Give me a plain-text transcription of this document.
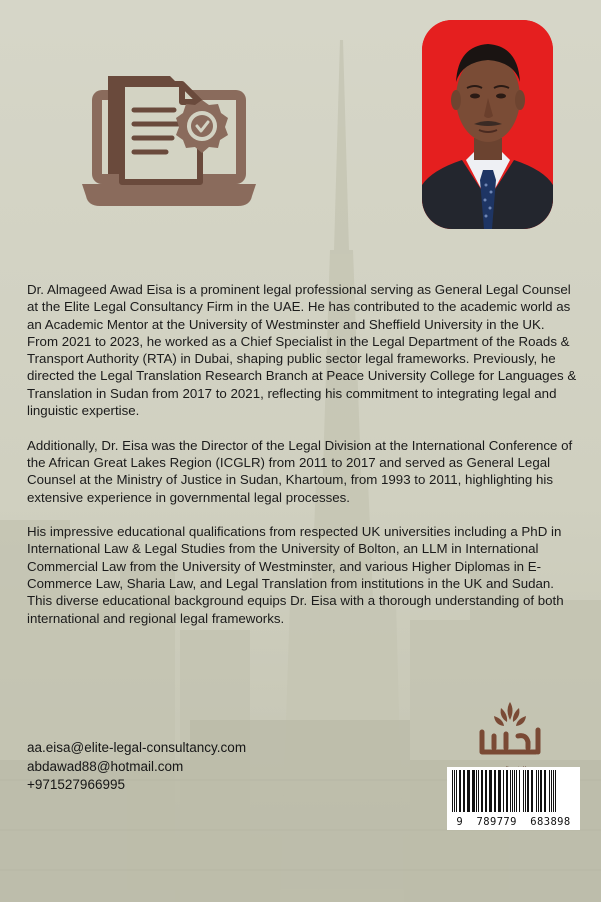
Dr. Almageed Awad Eisa is a prominent legal professional serving as General Legal Counsel at the Elite Legal Consultancy Firm in the UAE. He has contributed to the academic world as an Academic Mentor at the University of Westminster and Sheffield University in the UK. From 2021 to 2023, he worked as a Chief Specialist in the Legal Department of the Roads & Transport Authority (RTA) in Dubai, shaping public sector legal frameworks. Previously, he directed the Legal Translation Research Branch at Peace University College for Languages & Translation in Sudan from 2017 to 2021, reflecting his commitment to integrating legal and linguistic expertise.

Additionally, Dr. Eisa was the Director of the Legal Division at the International Conference of the African Great Lakes Region (ICGLR) from 2011 to 2017 and served as General Legal Counsel at the Ministry of Justice in Sudan, Khartoum, from 1993 to 2011, highlighting his extensive experience in governmental legal processes.

His impressive educational qualifications from respected UK universities including a PhD in International Law & Legal Studies from the University of Bolton, an LLM in International Commercial Law from the University of Westminster, and various Higher Diplomas in E-Commerce Law, Sharia Law, and Legal Translation from institutions in the UK and Sudan. This diverse educational background equips Dr. Eisa with a thorough understanding of both international and regional legal frameworks.

aa.eisa@elite-legal-consultancy.com
abdawad88@hotmail.com
+971527966995
9  789779  683898
